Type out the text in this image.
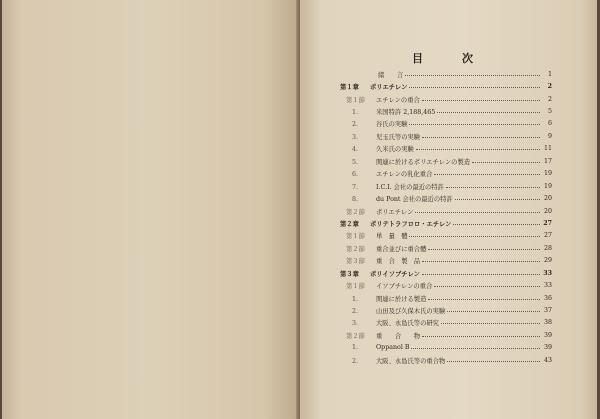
目　次
緒　　言	1
第１章 ポリエチレン	2
第１節 エチレンの重合	2
1.	米国特許 2,188,465	5
2.	谷氏の実験	6
3.	児玉氏等の実験	9
4.	久米氏の実験	11
5.	関連に於けるポリエチレンの製造	17
6.	エチレンの乳化重合	19
7.	I.C.I. 会社の最近の特許	19
8.	du Pont 会社の最近の特許	20
第２節 ポリエチレン	20
第２章 ポリテトラフロロ・エチレン	27
第１節 単　量　體	27
第２節 重合並びに重合體	28
第３節 重　合　製　品	29
第３章 ポリイソブチレン	33
第１節 イソブチレンの重合	33
1.	関連に於ける製造	36
2.	山田及び久保木氏の実験	37
3.	大阪、永島氏等の研究	38
第２節 重　　合　　物	39
1.	Oppanol B	39
2.	大阪、永島氏等の重合物	43
